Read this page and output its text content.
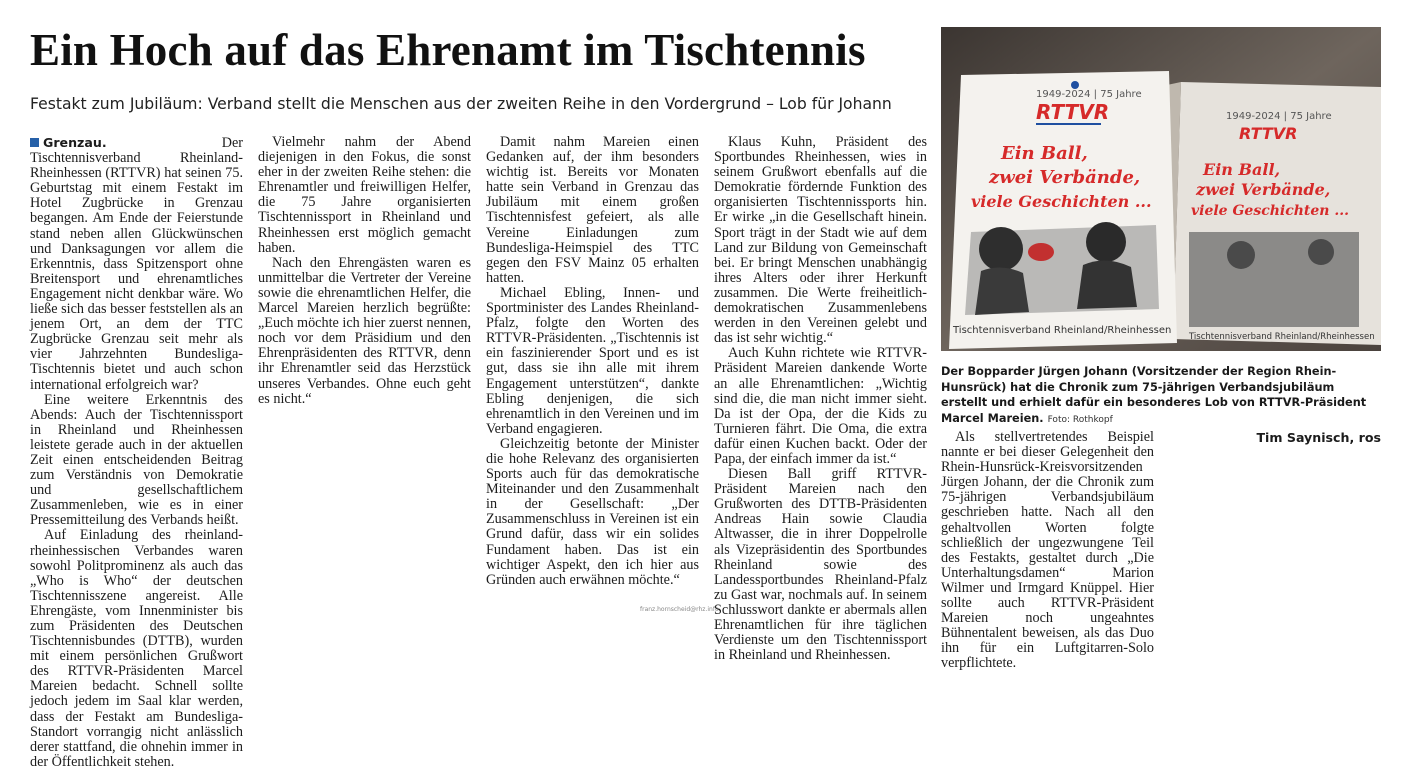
Ein Hoch auf das Ehrenamt im Tischtennis

Festakt zum Jubiläum: Verband stellt die Menschen aus der zweiten Reihe in den Vordergrund – Lob für Johann

Grenzau.	Der Tischtennisverband Rheinland-Rheinhessen (RTTVR) hat seinen 75. Geburtstag mit einem Festakt im Hotel Zugbrücke in Grenzau begangen. Am Ende der Feierstunde stand neben allen Glückwünschen und Danksagungen vor allem die Erkenntnis, dass Spitzensport ohne Breitensport und ehrenamtliches Engagement nicht denkbar wäre. Wo ließe sich das besser feststellen als an jenem Ort, an dem der TTC Zugbrücke Grenzau seit mehr als vier Jahrzehnten Bundesliga-Tischtennis bietet und auch schon international erfolgreich war?

Eine weitere Erkenntnis des Abends: Auch der Tischtennissport in Rheinland und Rheinhessen leistete gerade auch in der aktuellen Zeit einen entscheidenden Beitrag zum Verständnis von Demokratie und gesellschaftlichem Zusammenleben, wie es in einer Pressemitteilung des Verbands heißt.

Auf Einladung des rheinland-rheinhessischen Verbandes waren sowohl Politprominenz als auch das „Who is Who“ der deutschen Tischtennisszene angereist. Alle Ehrengäste, vom Innenminister bis zum Präsidenten des Deutschen Tischtennisbundes (DTTB), wurden mit einem persönlichen Grußwort des RTTVR-Präsidenten Marcel Mareien bedacht. Schnell sollte jedoch jedem im Saal klar werden, dass der Festakt am Bundesliga-Standort vorrangig nicht anlässlich derer stattfand, die ohnehin immer in der Öffentlichkeit stehen.

Vielmehr nahm der Abend diejenigen in den Fokus, die sonst eher in der zweiten Reihe stehen: die Ehrenamtler und freiwilligen Helfer, die 75 Jahre organisierten Tischtennissport in Rheinland und Rheinhessen erst möglich gemacht haben.

Nach den Ehrengästen waren es unmittelbar die Vertreter der Vereine sowie die ehrenamtlichen Helfer, die Marcel Mareien herzlich begrüßte: „Euch möchte ich hier zuerst nennen, noch vor dem Präsidium und den Ehrenpräsidenten des RTTVR, denn ihr Ehrenamtler seid das Herzstück unseres Verbandes. Ohne euch geht es nicht.“

Damit nahm Mareien einen Gedanken auf, der ihm besonders wichtig ist. Bereits vor Monaten hatte sein Verband in Grenzau das Jubiläum mit einem großen Tischtennisfest gefeiert, als alle Vereine Einladungen zum Bundesliga-Heimspiel des TTC gegen den FSV Mainz 05 erhalten hatten.

Michael Ebling, Innen- und Sportminister des Landes Rheinland-Pfalz, folgte den Worten des RTTVR-Präsidenten. „Tischtennis ist ein faszinierender Sport und es ist gut, dass sie ihn alle mit ihrem Engagement unterstützen“, dankte Ebling denjenigen, die sich ehrenamtlich in den Vereinen und im Verband engagieren.

Gleichzeitig betonte der Minister die hohe Relevanz des organisierten Sports auch für das demokratische Miteinander und den Zusammenhalt in der Gesellschaft: „Der Zusammenschluss in Vereinen ist ein Grund dafür, dass wir ein solides Fundament haben. Das ist ein wichtiger Aspekt, den ich hier aus Gründen auch erwähnen möchte.“

Klaus Kuhn, Präsident des Sportbundes Rheinhessen, wies in seinem Grußwort ebenfalls auf die Demokratie fördernde Funktion des organisierten Tischtennissports hin. Er wirke „in die Gesellschaft hinein. Sport trägt in der Stadt wie auf dem Land zur Bildung von Gemeinschaft bei. Er bringt Menschen unabhängig ihres Alters oder ihrer Herkunft zusammen. Die Werte freiheitlich-demokratischen Zusammenlebens werden in den Vereinen gelebt und das ist sehr wichtig.“

Auch Kuhn richtete wie RTTVR-Präsident Mareien dankende Worte an alle Ehrenamtlichen: „Wichtig sind die, die man nicht immer sieht. Da ist der Opa, der die Kids zu Turnieren fährt. Die Oma, die extra dafür einen Kuchen backt. Oder der Papa, der einfach immer da ist.“

Diesen Ball griff RTTVR-Präsident Mareien nach den Grußworten des DTTB-Präsidenten Andreas Hain sowie Claudia Altwasser, die in ihrer Doppelrolle als Vizepräsidentin des Sportbundes Rheinland sowie des Landessportbundes Rheinland-Pfalz zu Gast war, nochmals auf. In seinem Schlusswort dankte er abermals allen Ehrenamtlichen für ihre täglichen Verdienste um den Tischtennissport in Rheinland und Rheinhessen.

Als stellvertretendes Beispiel nannte er bei dieser Gelegenheit den Rhein-Hunsrück-Kreisvorsitzenden Jürgen Johann, der die Chronik zum 75-jährigen Verbandsjubiläum geschrieben hatte. Nach all den gehaltvollen Worten folgte schließlich der ungezwungene Teil des Festakts, gestaltet durch „Die Unterhaltungsdamen“ Marion Wilmer und Irmgard Knüppel. Hier sollte auch RTTVR-Präsident Mareien noch ungeahntes Bühnentalent beweisen, als das Duo ihn für ein Luftgitarren-Solo verpflichtete.

Tim Saynisch, ros

1949-2024 | 75 Jahre
RTTVR
Ein Ball,
zwei Verbände,
viele Geschichten ...
Tischtennisverband Rheinland/Rheinhessen
1949-2024 | 75 Jahre
RTTVR
Ein Ball,
zwei Verbände,
viele Geschichten ...
Tischtennisverband Rheinland/Rheinhessen

Der Bopparder Jürgen Johann (Vorsitzender der Region Rhein-Hunsrück) hat die Chronik zum 75-jährigen Verbandsjubiläum erstellt und erhielt dafür ein besonderes Lob von RTTVR-Präsident Marcel Mareien. Foto: Rothkopf

franz.hornscheid@rhz.info
